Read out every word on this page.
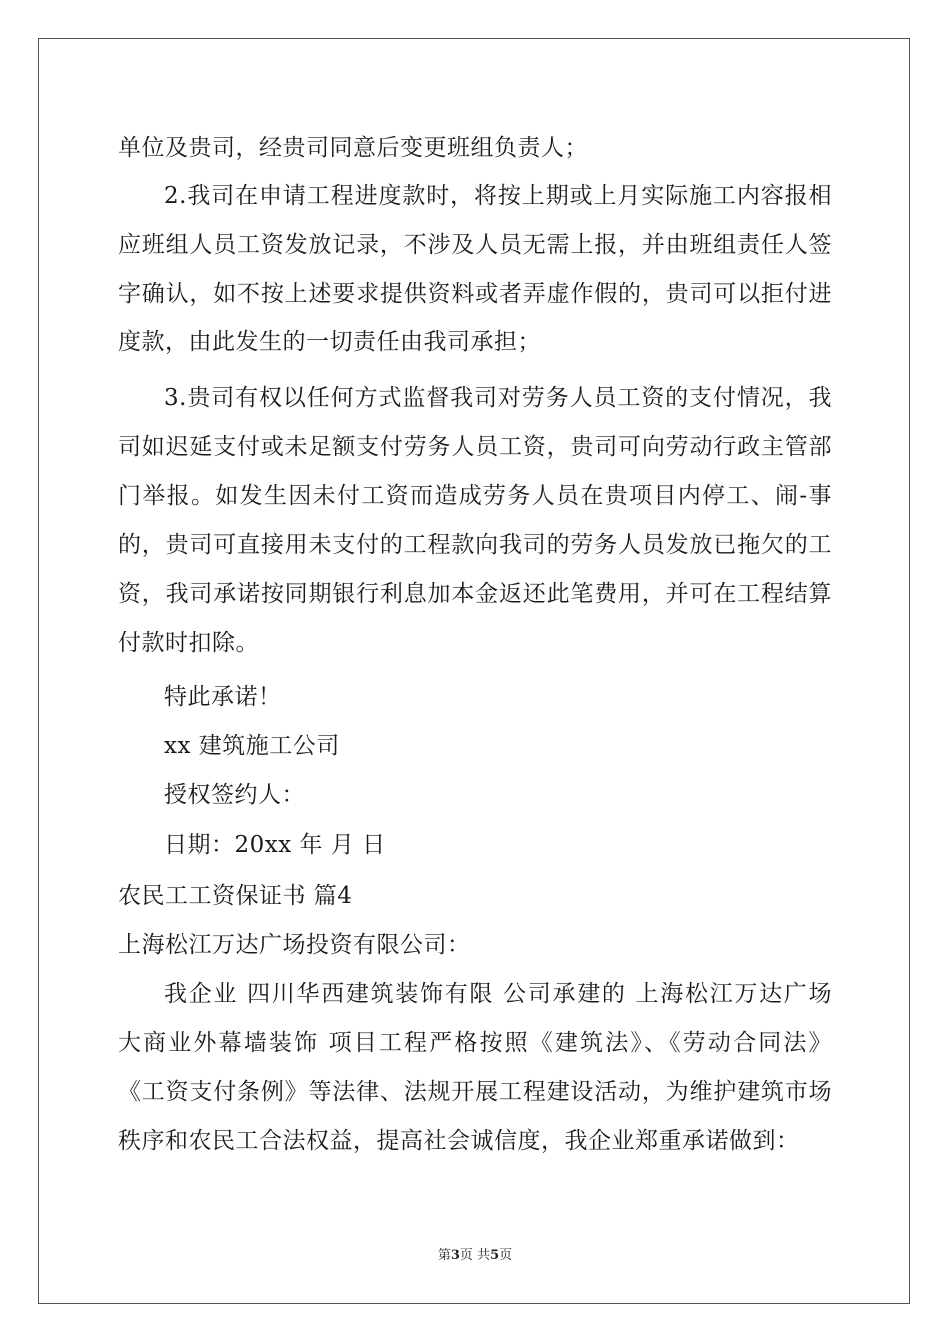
单位及贵司，经贵司同意后变更班组负责人；
2.我司在申请工程进度款时，将按上期或上月实际施工内容报相
应班组人员工资发放记录，不涉及人员无需上报，并由班组责任人签
字确认，如不按上述要求提供资料或者弄虚作假的，贵司可以拒付进
度款，由此发生的一切责任由我司承担；
3.贵司有权以任何方式监督我司对劳务人员工资的支付情况，我
司如迟延支付或未足额支付劳务人员工资，贵司可向劳动行政主管部
门举报。如发生因未付工资而造成劳务人员在贵项目内停工、闹-事
的，贵司可直接用未支付的工程款向我司的劳务人员发放已拖欠的工
资，我司承诺按同期银行利息加本金返还此笔费用，并可在工程结算
付款时扣除。
特此承诺！
xx 建筑施工公司
授权签约人：
日期：20xx 年 月 日
农民工工资保证书 篇4
上海松江万达广场投资有限公司：
我企业 四川华西建筑装饰有限 公司承建的 上海松江万达广场
大商业外幕墙装饰 项目工程严格按照《建筑法》、《劳动合同法》
《工资支付条例》等法律、法规开展工程建设活动，为维护建筑市场
秩序和农民工合法权益，提高社会诚信度，我企业郑重承诺做到：
第3页 共5页
